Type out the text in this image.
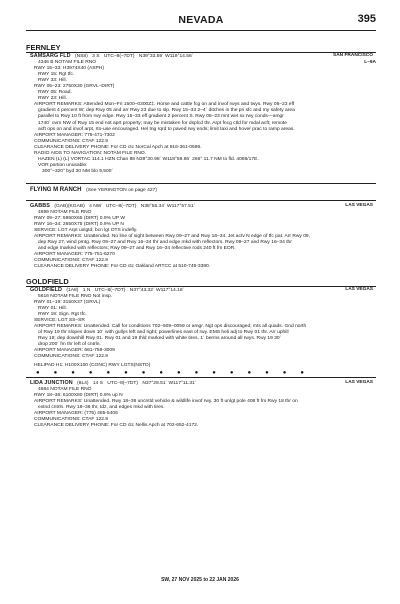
NEVADA	395
FERNLEY
SAMSARG FLD (NS8) 3 S UTC–8(–7DT) N39°33.59´ W119°14.56´	SAN FRANCISCO
4346 B NOTAM FILE RNO	L–9A
RWY 15–33: H3974X40 (ASPH)
RWY 15: Rgt tfc.
RWY 33: Hill.
RWY 05–23: 2750X30 (GRVL–DIRT)
RWY 05: Road.
RWY 23: Hill.
AIRPORT REMARKS: Attended Mon–Fri 1500–0300Z‡. Horse and cattle fcg on and invof rwys and twys. Rwy 05–23 eff
gradient 4 percent W; dep Rwy 05 and arr Rwy 23 due to slp. Rwy 15–33 2–4´ ditches in the pri sfc and my safety area
parallel to Rwy 10 ft from rwy edge. Rwy 15–33 eff gradient 2 percent S. Rwy 05–23 mnt wet sx rwy conds—amgr
1740´ ovrn NW of Rwy 15 end not aprt property; may be mistaken for dsplcd thr. Arpt fncg ctld for mdal acft; remote
acft ops on and invof arpt, rto-use encouraged. Hel tng rqrd to paved rwy ends; limit taxi and hover prac to ramp areas.
AIRPORT MANAGER: 775-471-7302
COMMUNICATIONS: CTAF 122.9
CLEARANCE DELIVERY PHONE: For CD ctc NorCal Apch at 916-361-0596.
RADIO AIDS TO NAVIGATION: NOTAM FILE RNO.
HAZEN (L) (L) VORTAC 114.1 HZN Chan 88 N39°30.98´ W118°59.86´ 266° 11.7 NM to fld. 4086/17E.
VOR portion unusable:
300°–320° byd 30 NM blo 9,500´
FLYING M RANCH (See YERINGTON on page 427)
GABBS (GAB)(KGAB) 4 NW UTC–8(–7DT) N38°55.34´ W117°57.51´	LAS VEGAS
4699 NOTAM FILE RNO
RWY 09–27: 5950X65 (DIRT) 0.9% UP W
RWY 16–34: 2650X75 (DIRT) 0.9% UP N
SERVICE: LGT Arpt unlgtd; bcn lgt OTS indefly.
AIRPORT REMARKS: Unattended. No line of sight between Rwy 09–27 and Rwy 16–34. Jet actv N edge of tfc pat. Arr Rwy 09,
dep Rwy 27, wind pmtg. Rwy 09–27 and Rwy 16–34 thr and edge mkd with reflectors. Rwy 09–27 and Rwy 16–34 thr
and edge marked with reflectors; Rwy 09–27 and Rwy 16–34 reflective rods 240 ft fm EOR.
AIRPORT MANAGER: 775-751-6270
COMMUNICATIONS: CTAF 122.9
CLEARANCE DELIVERY PHONE: For CD ctc Oakland ARTCC at 510-745-3380.
GOLDFIELD
GOLDFIELD (1A8) 1 N UTC–8(–7DT) N37°43.32´ W117°14.18´	LAS VEGAS
5616 NOTAM FILE RNO Not insp.
RWY 01–19: 3150X37 (GRVL)
RWY 01: Hill.
RWY 19: Sign. Rgt tfc.
SERVICE: LGT SS–SR
AIRPORT REMARKS: Unattended. Call for conditions 702–509–0059 or amgr. Ngt ops discouraged; mts all quads. Gnd north
of Rwy 19 thr slopes down 10´ with gullys left and right; powerlines east of rwy. EMS heli adj to Rwy 01 thr. Arr uphill
Rwy 19; dep downhill Rwy 01. Rwy 01 and 19 thld marked with white tires. 1´ berms around all rwys. Rwy 19 30´
drop 200´ fm thr left of cntrln.
AIRPORT MANAGER: 661-758-3009
COMMUNICATIONS: CTAF 122.9
HELIPAD H1: H100X100 (CONC) RWY LGTS(NSTD)
●●●●●●●●●●●●●●●●
LIDA JUNCTION (8L4) 14 S UTC–8(–7DT) N37°29.51´ W117°11.31´	LAS VEGAS
4684 NOTAM FILE RNO
RWY 18–36: 6100X80 (DIRT) 0.9% up N
AIRPORT REMARKS: Unattended. Rwy 18–36 uncntld vehicle & wildlife invof rwy. 30 ft unlgt pole 408 ft fm Rwy 18 thr on
extnd cntrln. Rwy 18–36 thr, tdz, and edges mkd with tires.
AIRPORT MANAGER: (775) 485-5406
COMMUNICATIONS: CTAF 122.9
CLEARANCE DELIVERY PHONE: For CD ctc Nellis Apch at 702-652-4172.
SW, 27 NOV 2025 to 22 JAN 2026
